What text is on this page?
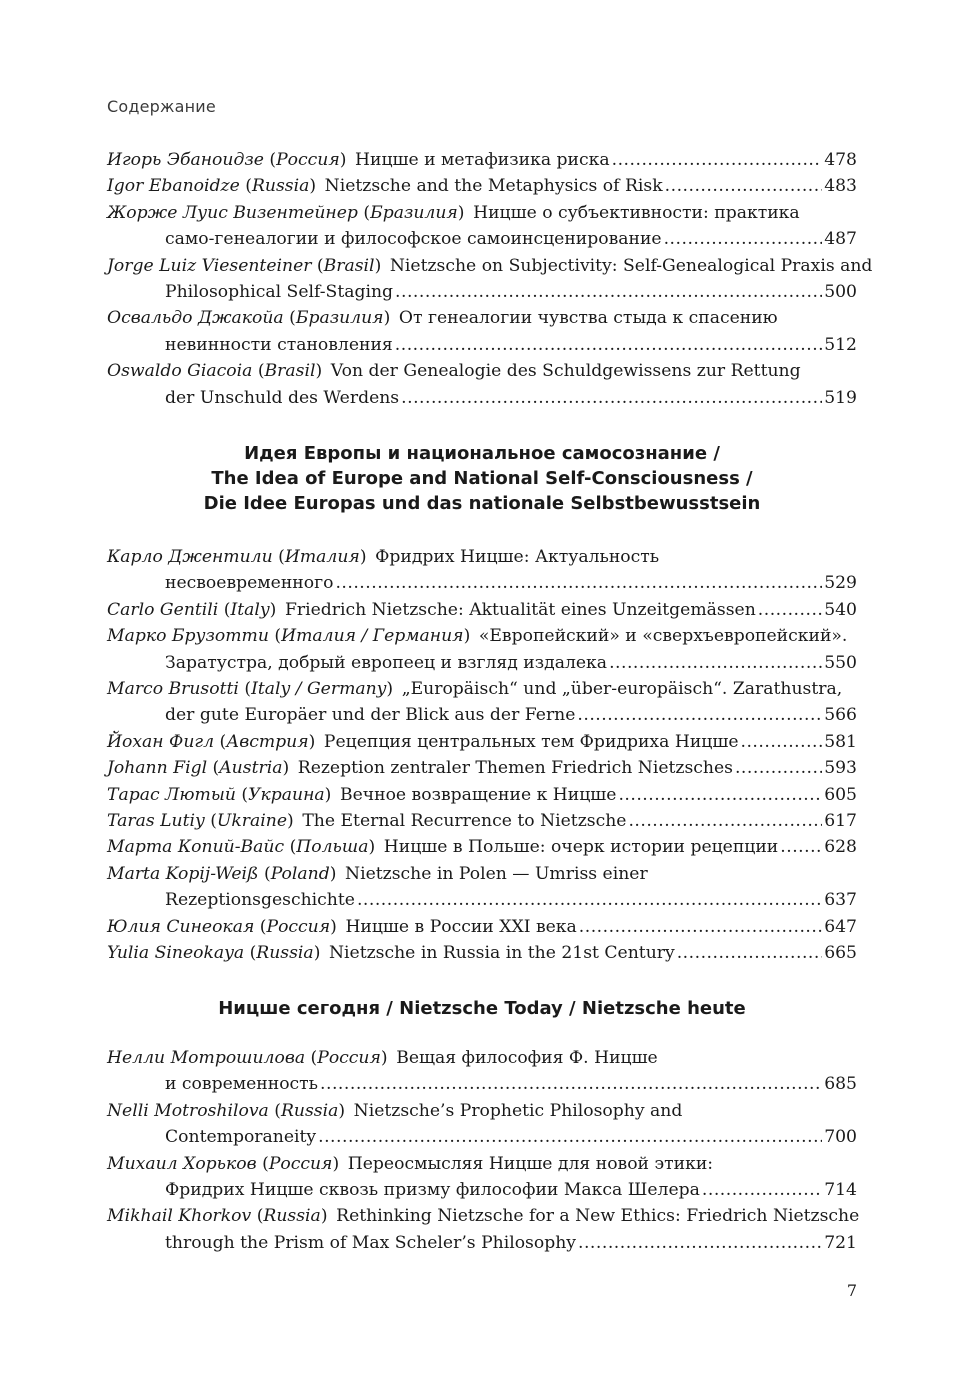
Содержание
Игорь Эбаноидзе (Россия) Ницше и метафизика риска .....	478
Igor Ebanoidze (Russia) Nietzsche and the Metaphysics of Risk .....	483
Жорже Луис Визентейнер (Бразилия) Ницше о субъективности: практика
само-генеалогии и философское самоинсценирование .....	487
Jorge Luiz Viesenteiner (Brasil) Nietzsche on Subjectivity: Self-Genealogical Praxis and
Philosophical Self-Staging .....	500
Освальдо Джакойа (Бразилия) От генеалогии чувства стыда к спасению
невинности становления .....	512
Oswaldo Giacoia (Brasil) Von der Genealogie des Schuldgewissens zur Rettung
der Unschuld des Werdens .....	519
Идея Европы и национальное самосознание /
The Idea of Europe and National Self-Consciousness /
Die Idee Europas und das nationale Selbstbewusstsein
Карло Джентили (Италия) Фридрих Ницше: Актуальность
несвоевременного .....	529
Carlo Gentili (Italy) Friedrich Nietzsche: Aktualität eines Unzeitgemässen .....	540
Марко Брузотти (Италия / Германия) «Европейский» и «сверхъевропейский».
Заратустра, добрый европеец и взгляд издалека .....	550
Marco Brusotti (Italy / Germany) „Europäisch“ und „über-europäisch“. Zarathustra,
der gute Europäer und der Blick aus der Ferne .....	566
Йохан Фигл (Австрия) Рецепция центральных тем Фридриха Ницше .....	581
Johann Figl (Austria) Rezeption zentraler Themen Friedrich Nietzsches .....	593
Тарас Лютый (Украина) Вечное возвращение к Ницше .....	605
Taras Lutiy (Ukraine) The Eternal Recurrence to Nietzsche .....	617
Марта Копий-Вайс (Польша) Ницше в Польше: очерк истории рецепции .....	628
Marta Kopij-Weiß (Poland) Nietzsche in Polen — Umriss einer
Rezeptionsgeschichte .....	637
Юлия Синеокая (Россия) Ницше в России XXI века .....	647
Yulia Sineokaya (Russia) Nietzsche in Russia in the 21st Century .....	665
Ницше сегодня / Nietzsche Today / Nietzsche heute
Нелли Мотрошилова (Россия) Вещая философия Ф. Ницше
и современность .....	685
Nelli Motroshilova (Russia) Nietzsche’s Prophetic Philosophy and
Contemporaneity .....	700
Михаил Хорьков (Россия) Переосмысляя Ницше для новой этики:
Фридрих Ницше сквозь призму философии Макса Шелера .....	714
Mikhail Khorkov (Russia) Rethinking Nietzsche for a New Ethics: Friedrich Nietzsche
through the Prism of Max Scheler’s Philosophy .....	721
7
